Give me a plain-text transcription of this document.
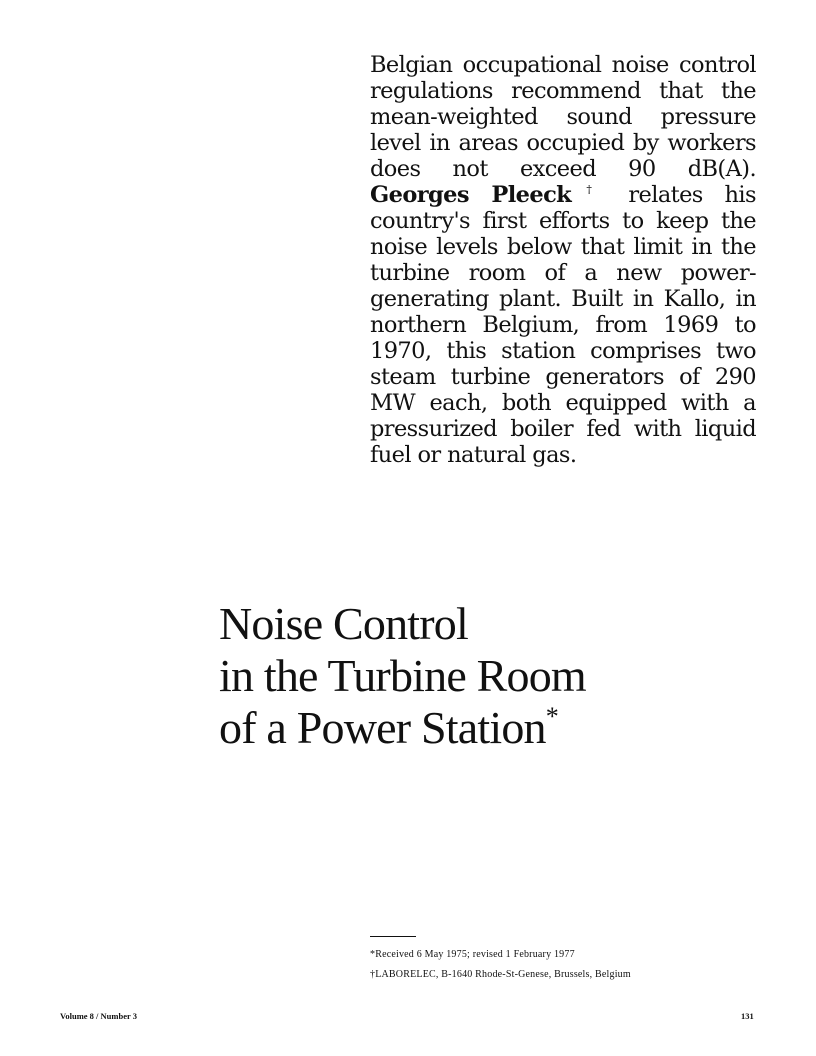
Belgian occupational noise control regulations recommend that the mean-weighted sound pressure level in areas occupied by workers does not exceed 90 dB(A). Georges Pleeck† relates his country's first efforts to keep the noise levels below that limit in the turbine room of a new power-generating plant. Built in Kallo, in northern Belgium, from 1969 to 1970, this station comprises two steam turbine generators of 290 MW each, both equipped with a pressurized boiler fed with liquid fuel or natural gas.

Noise Control
in the Turbine Room
of a Power Station*
*Received 6 May 1975; revised 1 February 1977
†LABORELEC, B-1640 Rhode-St-Genese, Brussels, Belgium
Volume 8 / Number 3	131
